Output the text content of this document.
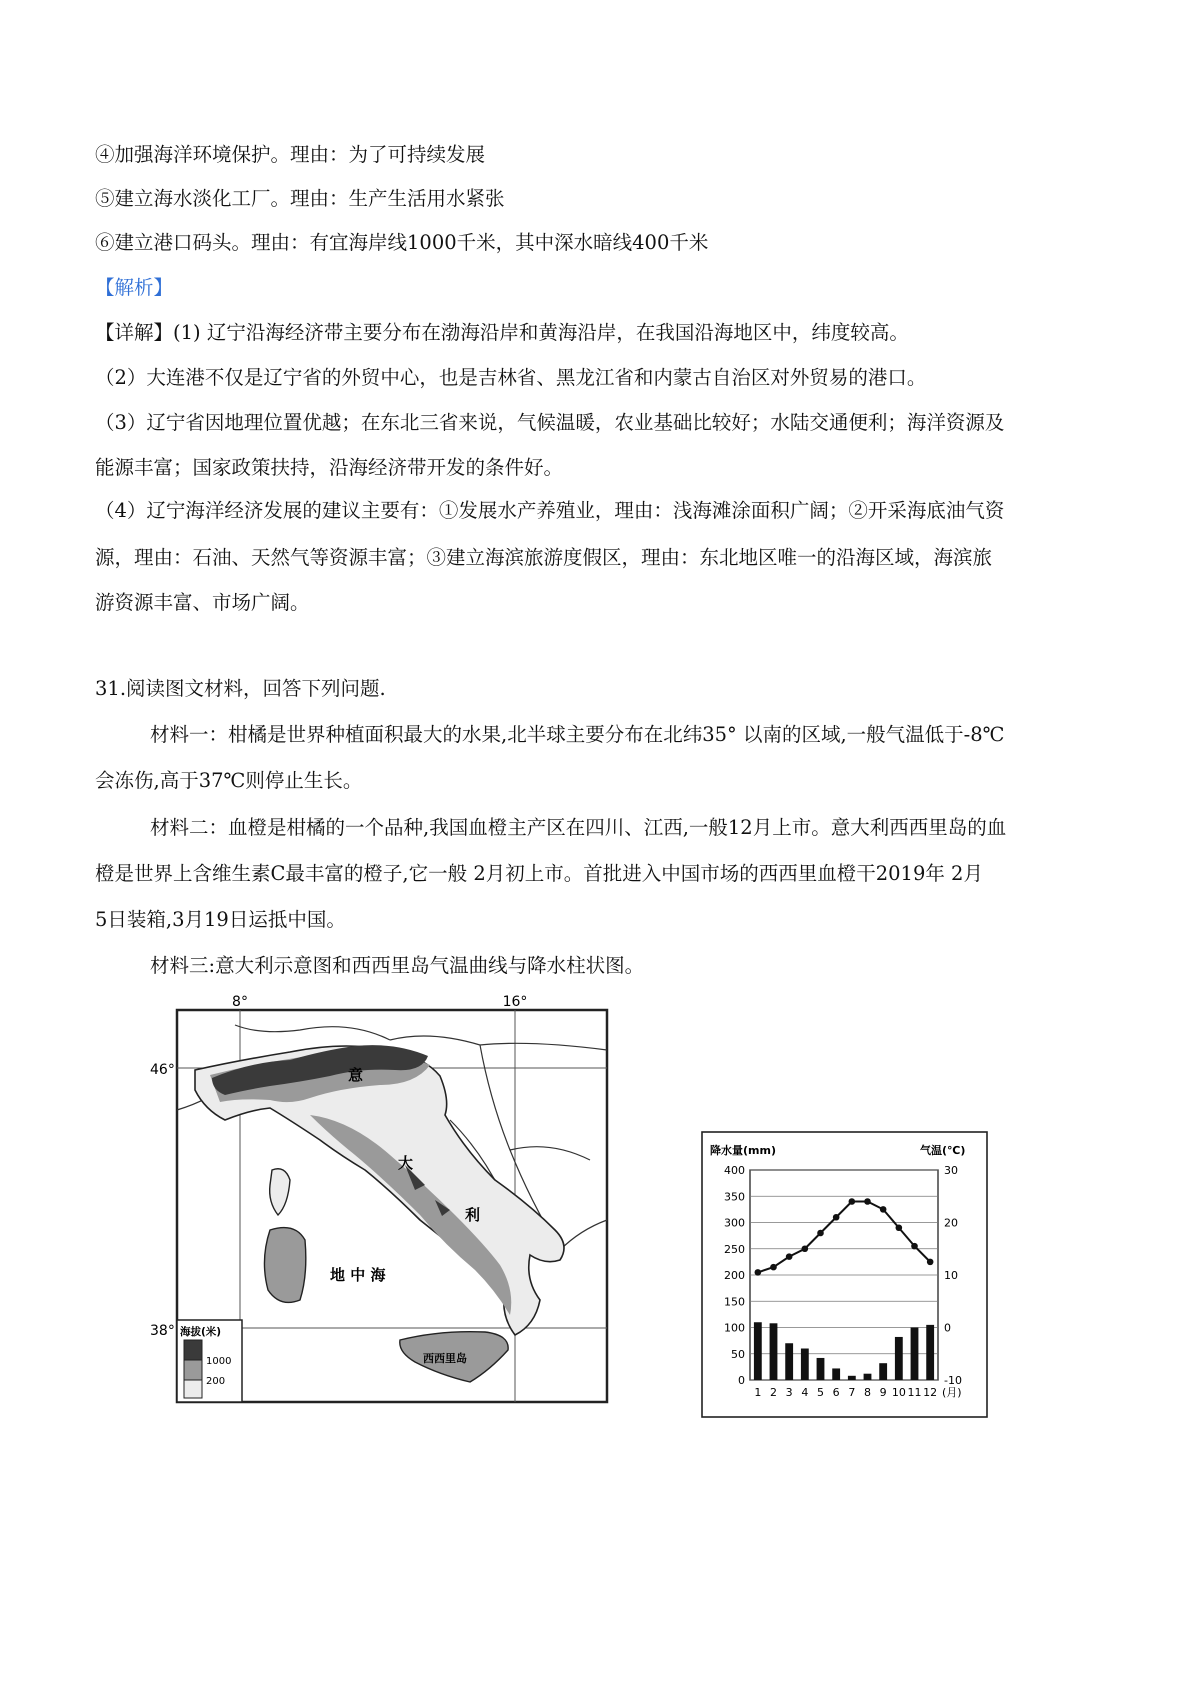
④加强海洋环境保护。理由：为了可持续发展
⑤建立海水淡化工厂。理由：生产生活用水紧张
⑥建立港口码头。理由：有宜海岸线1000千米，其中深水暗线400千米
【解析】
【详解】(1) 辽宁沿海经济带主要分布在渤海沿岸和黄海沿岸，在我国沿海地区中，纬度较高。
（2）大连港不仅是辽宁省的外贸中心，也是吉林省、黑龙江省和内蒙古自治区对外贸易的港口。
（3）辽宁省因地理位置优越；在东北三省来说，气候温暖，农业基础比较好；水陆交通便利；海洋资源及
能源丰富；国家政策扶持，沿海经济带开发的条件好。
（4）辽宁海洋经济发展的建议主要有：①发展水产养殖业，理由：浅海滩涂面积广阔；②开采海底油气资
源，理由：石油、天然气等资源丰富；③建立海滨旅游度假区，理由：东北地区唯一的沿海区域，海滨旅
游资源丰富、市场广阔。
31.阅读图文材料，回答下列问题.
材料一：柑橘是世界种植面积最大的水果,北半球主要分布在北纬35° 以南的区域,一般气温低于-8℃
会冻伤,高于37℃则停止生长。
材料二：血橙是柑橘的一个品种,我国血橙主产区在四川、江西,一般12月上市。意大利西西里岛的血
橙是世界上含维生素C最丰富的橙子,它一般 2月初上市。首批进入中国市场的西西里血橙干2019年 2月
5日装箱,3月19日运抵中国。
材料三:意大利示意图和西西里岛气温曲线与降水柱状图。
8°	16°
46°
38°
意
大
利
地 中 海
西西里岛
海拔(米)
1000
200
降水量(mm)	气温(℃)
0
50
100
150
200
250
300
350
400
-10
0
10
20
30
1 2 3 4 5 6 7 8 9 10 11 12 (月)
